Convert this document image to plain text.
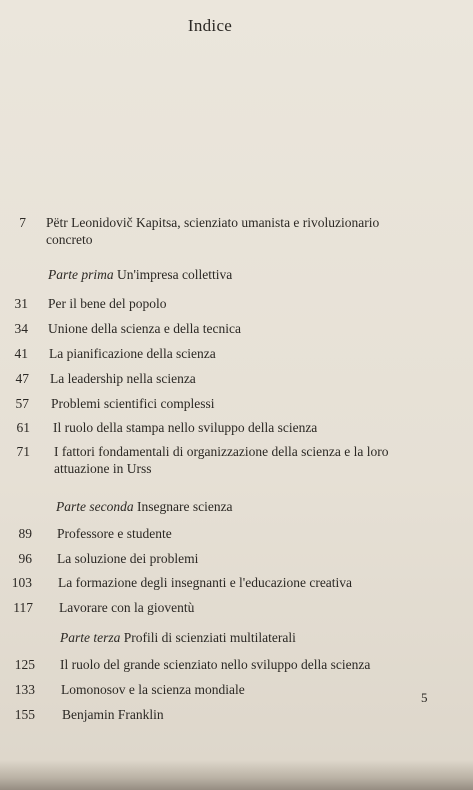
Indice
7 Pëtr Leonidovič Kapitsa, scienziato umanista e rivoluzionario concreto
Parte prima Un'impresa collettiva
31 Per il bene del popolo
34 Unione della scienza e della tecnica
41 La pianificazione della scienza
47 La leadership nella scienza
57 Problemi scientifici complessi
61 Il ruolo della stampa nello sviluppo della scienza
71 I fattori fondamentali di organizzazione della scienza e la loro attuazione in Urss
Parte seconda Insegnare scienza
89 Professore e studente
96 La soluzione dei problemi
103 La formazione degli insegnanti e l'educazione creativa
117 Lavorare con la gioventù
Parte terza Profili di scienziati multilaterali
125 Il ruolo del grande scienziato nello sviluppo della scienza
133 Lomonosov e la scienza mondiale
155 Benjamin Franklin
5
